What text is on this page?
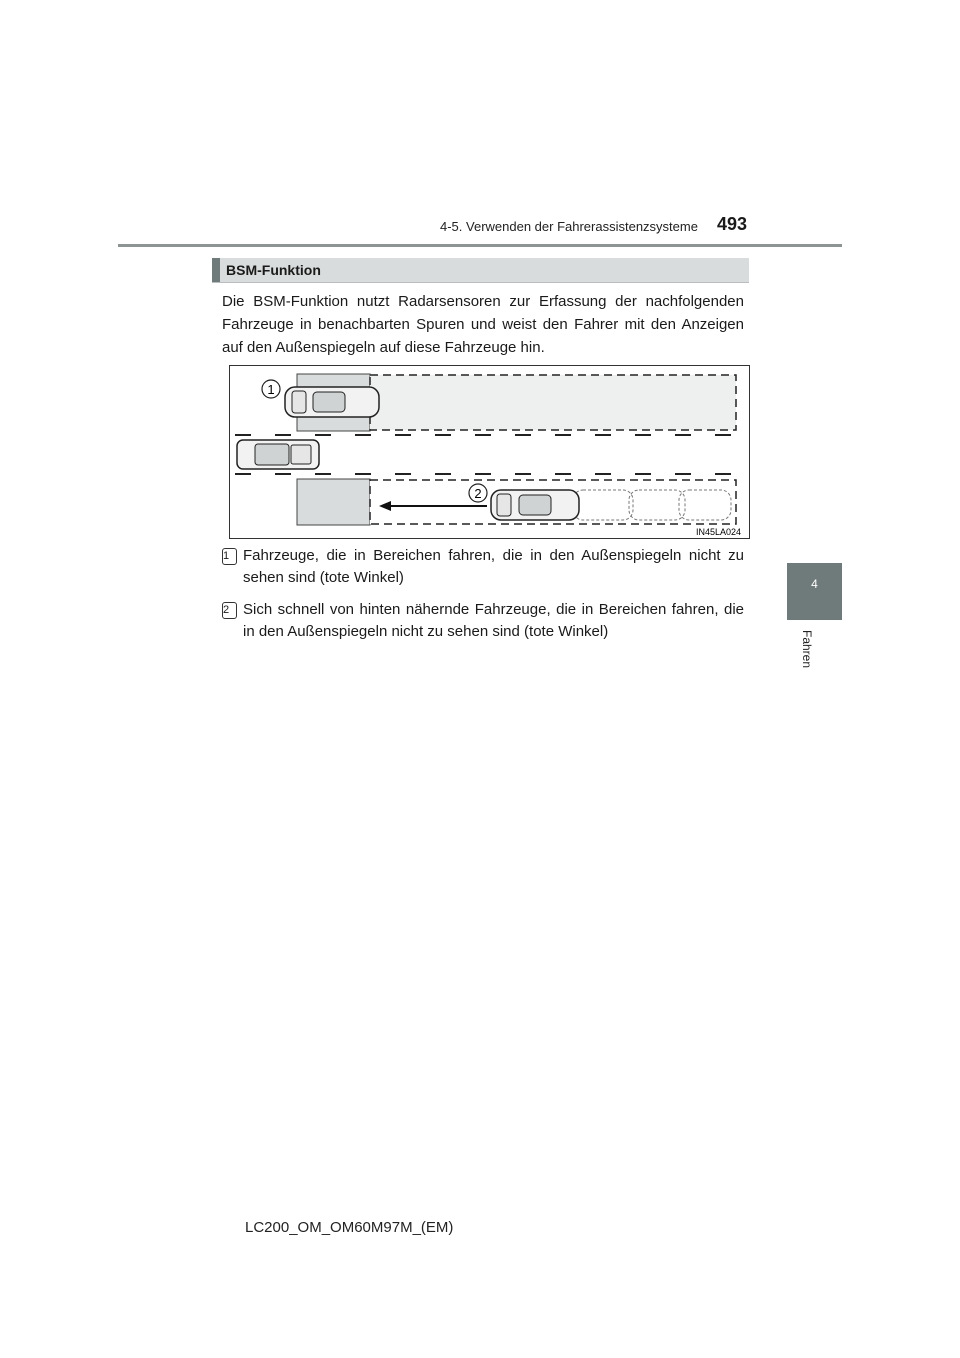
4-5. Verwenden der Fahrerassistenzsysteme 493
4
Fahren
BSM-Funktion
Die BSM-Funktion nutzt Radarsensoren zur Erfassung der nachfolgenden Fahrzeuge in benachbarten Spuren und weist den Fahrer mit den Anzeigen auf den Außenspiegeln auf diese Fahrzeuge hin.
1
2
IN45LA024
1 Fahrzeuge, die in Bereichen fahren, die in den Außenspiegeln nicht zu sehen sind (tote Winkel)
2 Sich schnell von hinten nähernde Fahrzeuge, die in Bereichen fahren, die in den Außenspiegeln nicht zu sehen sind (tote Winkel)
LC200_OM_OM60M97M_(EM)
